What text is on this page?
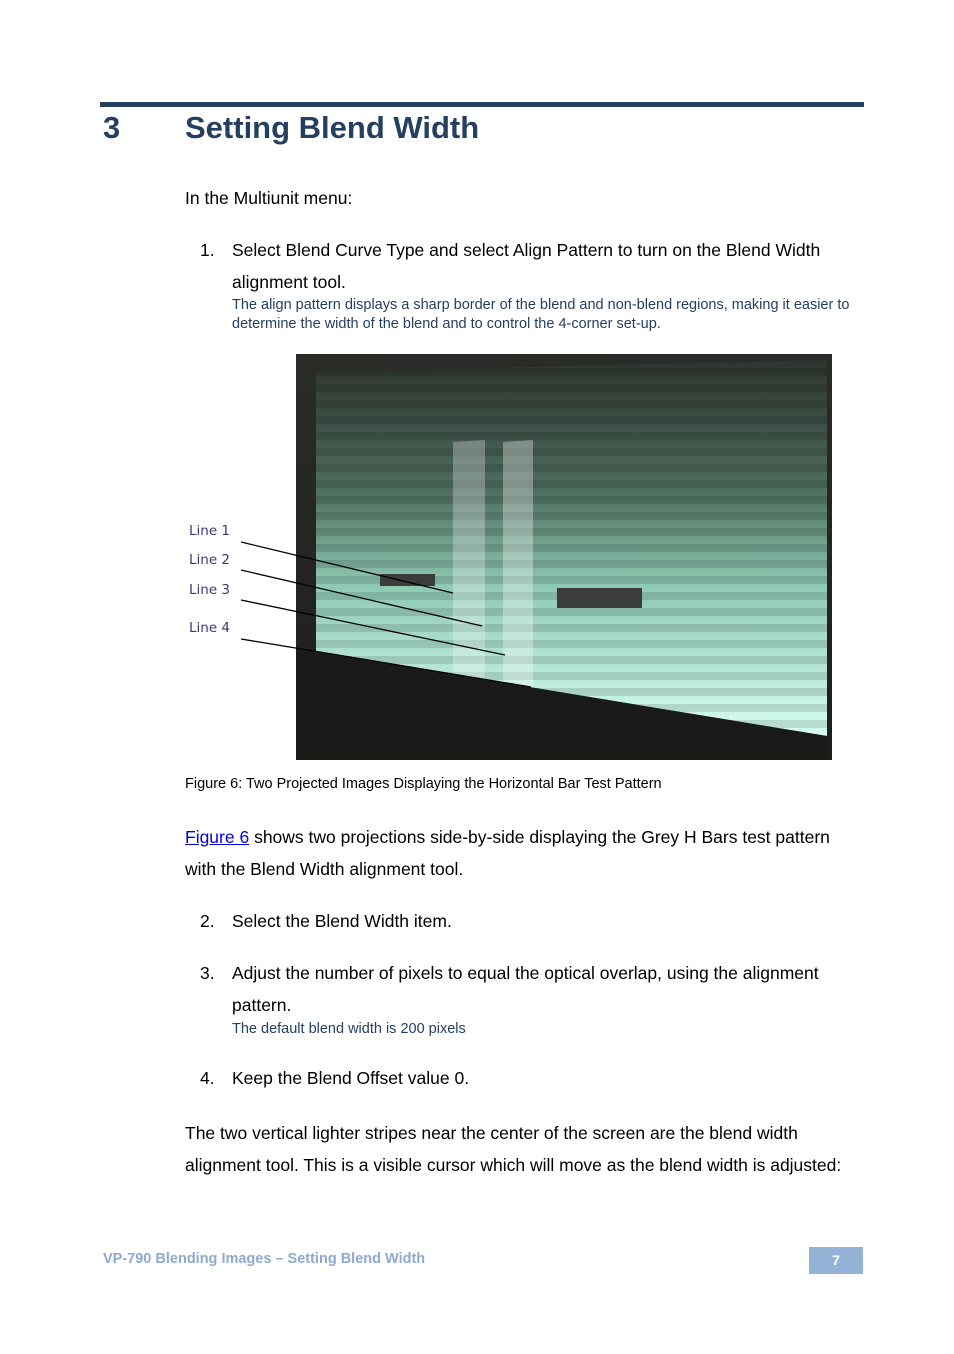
3 Setting Blend Width
In the Multiunit menu:
1. Select Blend Curve Type and select Align Pattern to turn on the Blend Width alignment tool.
The align pattern displays a sharp border of the blend and non-blend regions, making it easier to determine the width of the blend and to control the 4-corner set-up.
Line 1
Line 2
Line 3
Line 4
Figure 6: Two Projected Images Displaying the Horizontal Bar Test Pattern
Figure 6 shows two projections side-by-side displaying the Grey H Bars test pattern with the Blend Width alignment tool.
2. Select the Blend Width item.
3. Adjust the number of pixels to equal the optical overlap, using the alignment pattern.
The default blend width is 200 pixels
4. Keep the Blend Offset value 0.
The two vertical lighter stripes near the center of the screen are the blend width alignment tool. This is a visible cursor which will move as the blend width is adjusted:
VP-790 Blending Images – Setting Blend Width	7
